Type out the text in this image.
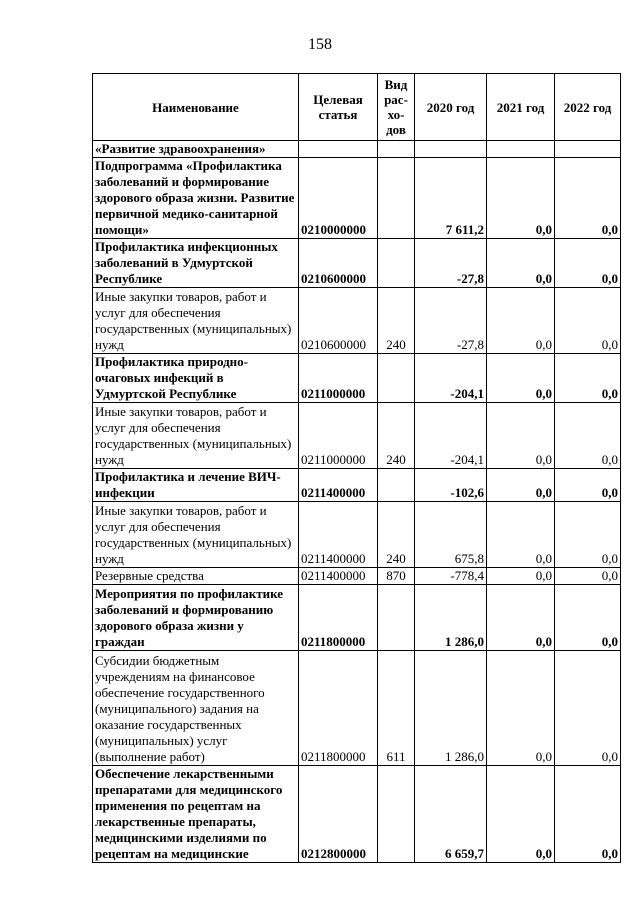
158
Наименование	Целевая статья	Вид рас-хо-дов	2020 год	2021 год	2022 год
«Развитие здравоохранения»					
Подпрограмма «Профилактика заболеваний и формирование здорового образа жизни. Развитие первичной медико-санитарной помощи»	0210000000		7 611,2	0,0	0,0
Профилактика инфекционных заболеваний в Удмуртской Республике	0210600000		-27,8	0,0	0,0
Иные закупки товаров, работ и услуг для обеспечения государственных (муниципальных) нужд	0210600000	240	-27,8	0,0	0,0
Профилактика природно-очаговых инфекций в Удмуртской Республике	0211000000		-204,1	0,0	0,0
Иные закупки товаров, работ и услуг для обеспечения государственных (муниципальных) нужд	0211000000	240	-204,1	0,0	0,0
Профилактика и лечение ВИЧ-инфекции	0211400000		-102,6	0,0	0,0
Иные закупки товаров, работ и услуг для обеспечения государственных (муниципальных) нужд	0211400000	240	675,8	0,0	0,0
Резервные средства	0211400000	870	-778,4	0,0	0,0
Мероприятия по профилактике заболеваний и формированию здорового образа жизни у граждан	0211800000		1 286,0	0,0	0,0
Субсидии бюджетным учреждениям на финансовое обеспечение государственного (муниципального) задания на оказание государственных (муниципальных) услуг (выполнение работ)	0211800000	611	1 286,0	0,0	0,0
Обеспечение лекарственными препаратами для медицинского применения по рецептам на лекарственные препараты, медицинскими изделиями по рецептам на медицинские	0212800000		6 659,7	0,0	0,0
